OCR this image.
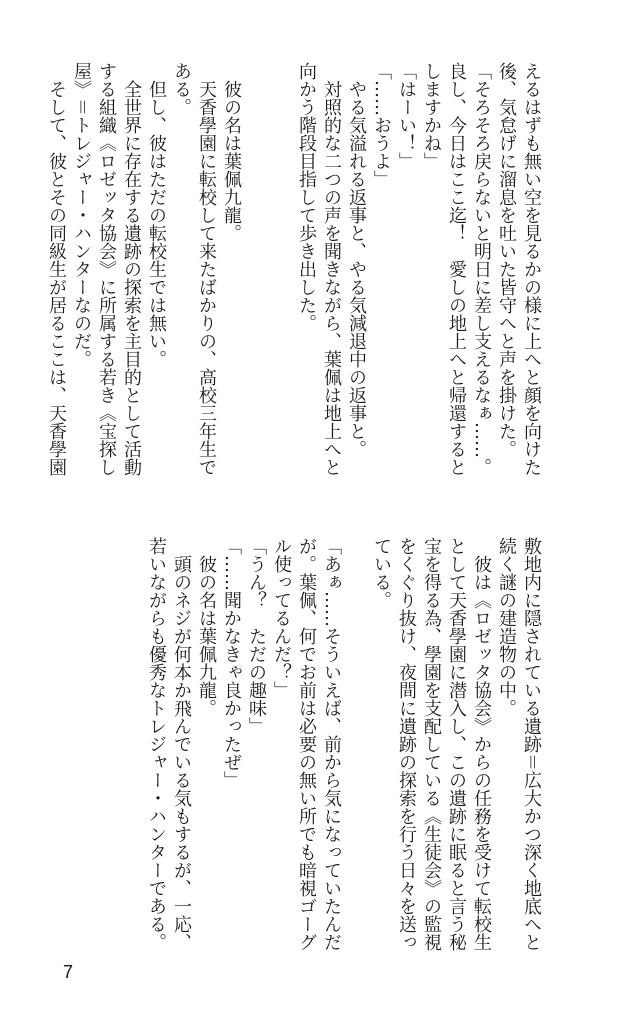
えるはずも無い空を見るかの様に上へと顔を向けた
後、気怠げに溜息を吐いた皆守へと声を掛けた。
「そろそろ戻らないと明日に差し支えるなぁ……。
良し、今日はここ迄！　愛しの地上へと帰還すると
しますかね」
「はーい！」
「……おうよ」
　やる気溢れる返事と、やる気減退中の返事と。
　対照的な二つの声を聞きながら、葉佩は地上へと
向かう階段目指して歩き出した。

　彼の名は葉佩九龍。
　天香學園に転校して来たばかりの、高校三年生で
ある。
　但し、彼はただの転校生では無い。
　全世界に存在する遺跡の探索を主目的として活動
する組織《ロゼッタ協会》に所属する若き《宝探し
屋》＝トレジャー・ハンターなのだ。
　そして、彼とその同級生が居るここは、天香學園
敷地内に隠されている遺跡＝広大かつ深く地底へと
続く謎の建造物の中。
　彼は《ロゼッタ協会》からの任務を受けて転校生
として天香學園に潜入し、この遺跡に眠ると言う秘
宝を得る為、學園を支配している《生徒会》の監視
をくぐり抜け、夜間に遺跡の探索を行う日々を送っ
ている。

「あぁ……そういえば、前から気になっていたんだ
が。葉佩、何でお前は必要の無い所でも暗視ゴーグ
ル使ってるんだ？」
「うん？　ただの趣味」
「……聞かなきゃ良かったぜ」
　彼の名は葉佩九龍。
　頭のネジが何本か飛んでいる気もするが、一応、
若いながらも優秀なトレジャー・ハンターである。
7
